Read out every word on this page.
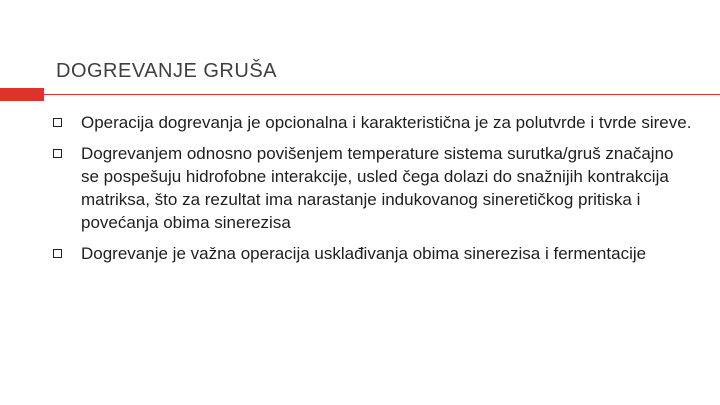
DOGREVANJE GRUŠA
Operacija dogrevanja je opcionalna i karakteristična je za polutvrde i tvrde sireve.
Dogrevanjem odnosno povišenjem temperature sistema surutka/gruš značajno se pospešuju hidrofobne interakcije, usled čega dolazi do snažnijih kontrakcija matriksa, što za rezultat ima narastanje indukovanog sineretičkog pritiska i povećanja obima sinerezisa
Dogrevanje je važna operacija usklađivanja obima sinerezisa i fermentacije
